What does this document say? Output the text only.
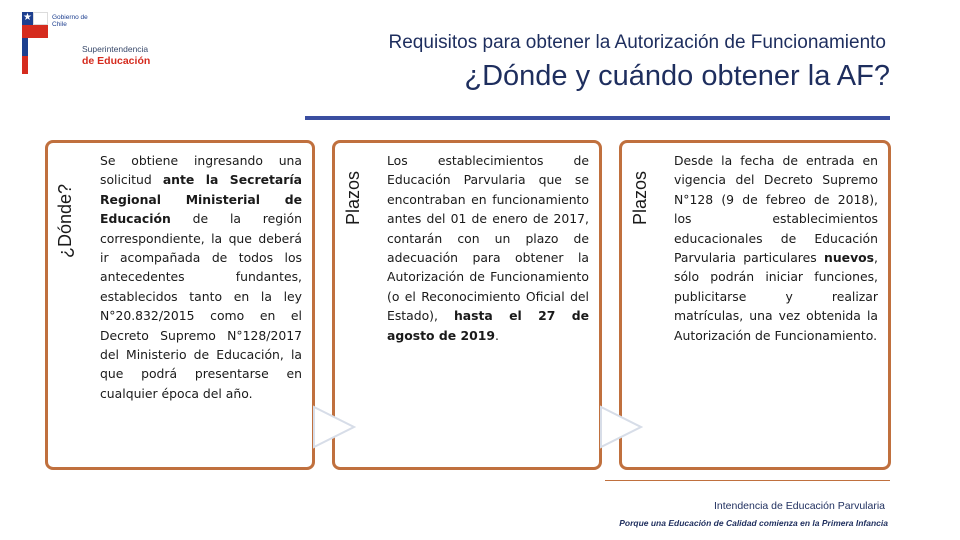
★	Gobierno de Chile
Superintendencia
de Educación
Requisitos para obtener la Autorización de Funcionamiento
¿Dónde y cuándo obtener la AF?
Se obtiene ingresando una solicitud ante la Secretaría Regional Ministerial de Educación de la región correspondiente, la que deberá ir acompañada de todos los antecedentes fundantes, establecidos tanto en la ley N°20.832/2015 como en el Decreto Supremo N°128/2017 del Ministerio de Educación, la que podrá presentarse en cualquier época del año.
¿Dónde?
Los establecimientos de Educación Parvularia que se encontraban en funcionamiento antes del 01 de enero de 2017, contarán con un plazo de adecuación para obtener la Autorización de Funcionamiento (o el Reconocimiento Oficial del Estado), hasta el 27 de agosto de 2019.
Plazos
Desde la fecha de entrada en vigencia del Decreto Supremo N°128 (9 de febreo de 2018), los establecimientos educacionales de Educación Parvularia particulares nuevos, sólo podrán iniciar funciones, publicitarse y realizar matrículas, una vez obtenida la Autorización de Funcionamiento.
Plazos
Intendencia de Educación Parvularia
Porque una Educación de Calidad comienza en la Primera Infancia
